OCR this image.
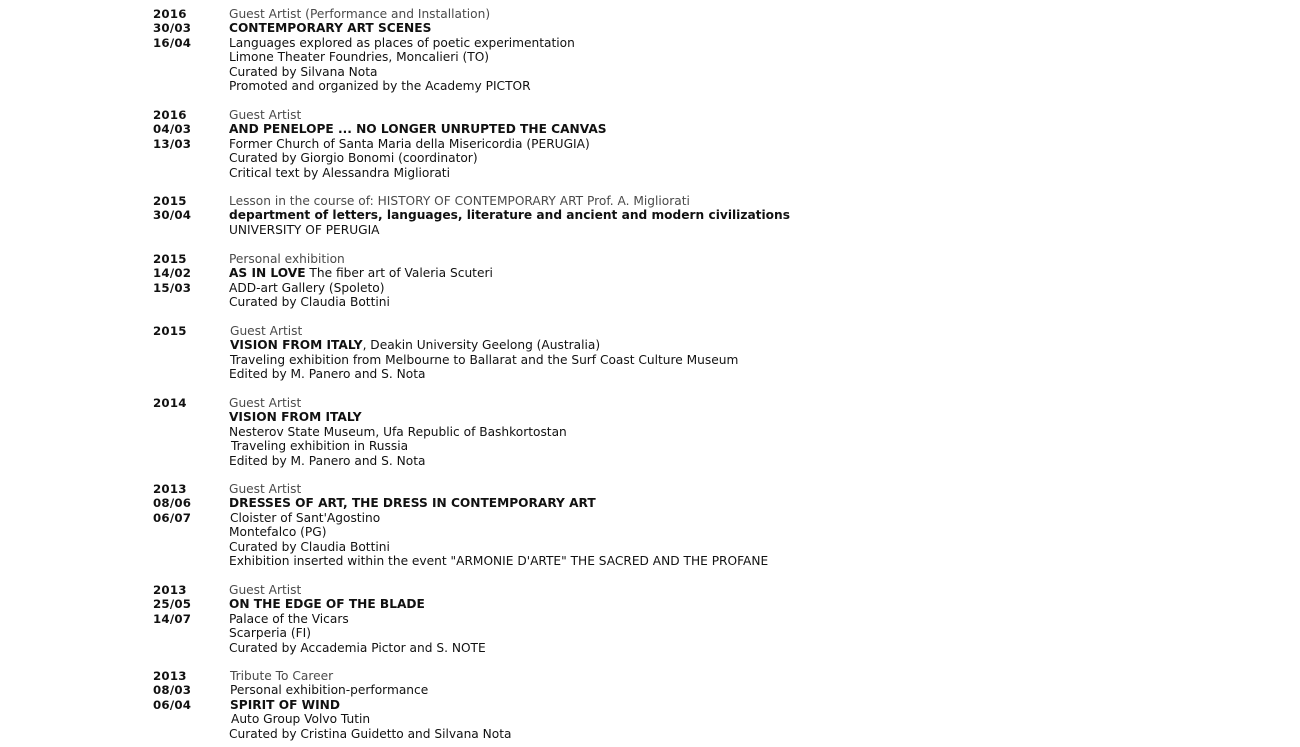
2016
30/03
16/04
Guest Artist (Performance and Installation)
CONTEMPORARY ART SCENES
Languages explored as places of poetic experimentation
Limone Theater Foundries, Moncalieri (TO)
Curated by Silvana Nota
Promoted and organized by the Academy PICTOR
2016
04/03
13/03
Guest Artist
AND PENELOPE ... NO LONGER UNRUPTED THE CANVAS
Former Church of Santa Maria della Misericordia (PERUGIA)
Curated by Giorgio Bonomi (coordinator)
Critical text by Alessandra Migliorati
2015
30/04
Lesson in the course of: HISTORY OF CONTEMPORARY ART Prof. A. Migliorati
department of letters, languages, literature and ancient and modern civilizations
UNIVERSITY OF PERUGIA
2015
14/02
15/03
Personal exhibition
AS IN LOVE The fiber art of Valeria Scuteri
ADD-art Gallery (Spoleto)
Curated by Claudia Bottini
2015	Guest Artist
VISION FROM ITALY, Deakin University Geelong (Australia)
Traveling exhibition from Melbourne to Ballarat and the Surf Coast Culture Museum
Edited by M. Panero and S. Nota
2014	Guest Artist
VISION FROM ITALY
Nesterov State Museum, Ufa Republic of Bashkortostan
Traveling exhibition in Russia
Edited by M. Panero and S. Nota
2013
08/06
06/07
Guest Artist
DRESSES OF ART, THE DRESS IN CONTEMPORARY ART
Cloister of Sant'Agostino
Montefalco (PG)
Curated by Claudia Bottini
Exhibition inserted within the event "ARMONIE D'ARTE" THE SACRED AND THE PROFANE
2013
25/05
14/07
Guest Artist
ON THE EDGE OF THE BLADE
Palace of the Vicars
Scarperia (FI)
Curated by Accademia Pictor and S. NOTE
2013
08/03
06/04
Tribute To Career
Personal exhibition-performance
SPIRIT OF WIND
Auto Group Volvo Tutin
Curated by Cristina Guidetto and Silvana Nota
